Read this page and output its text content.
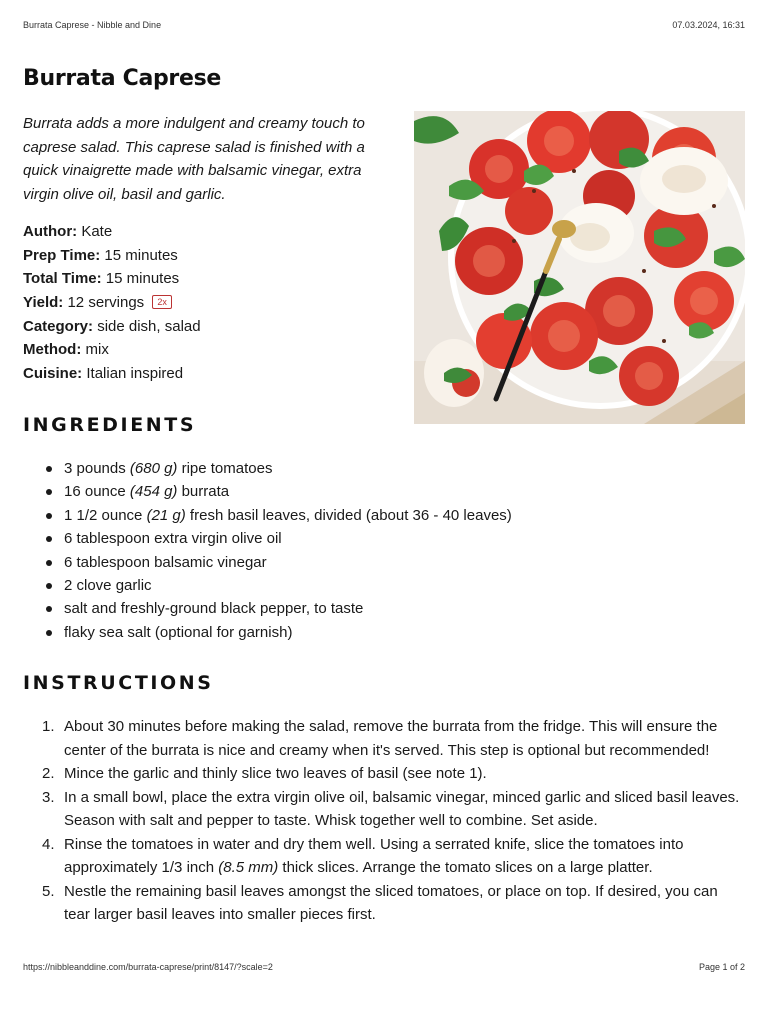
Burrata Caprese - Nibble and Dine	07.03.2024, 16:31
Burrata Caprese

Burrata adds a more indulgent and creamy touch to caprese salad. This caprese salad is finished with a quick vinaigrette made with balsamic vinegar, extra virgin olive oil, basil and garlic.

Author: Kate
Prep Time: 15 minutes
Total Time: 15 minutes
Yield: 12 servings 2x
Category: side dish, salad
Method: mix
Cuisine: Italian inspired
INGREDIENTS
3 pounds (680 g) ripe tomatoes
16 ounce (454 g) burrata
1 1/2 ounce (21 g) fresh basil leaves, divided (about 36 - 40 leaves)
6 tablespoon extra virgin olive oil
6 tablespoon balsamic vinegar
2 clove garlic
salt and freshly-ground black pepper, to taste
flaky sea salt (optional for garnish)
INSTRUCTIONS
1. About 30 minutes before making the salad, remove the burrata from the fridge. This will ensure the center of the burrata is nice and creamy when it's served. This step is optional but recommended!
2. Mince the garlic and thinly slice two leaves of basil (see note 1).
3. In a small bowl, place the extra virgin olive oil, balsamic vinegar, minced garlic and sliced basil leaves. Season with salt and pepper to taste. Whisk together well to combine. Set aside.
4. Rinse the tomatoes in water and dry them well. Using a serrated knife, slice the tomatoes into approximately 1/3 inch (8.5 mm) thick slices. Arrange the tomato slices on a large platter.
5. Nestle the remaining basil leaves amongst the sliced tomatoes, or place on top. If desired, you can tear larger basil leaves into smaller pieces first.
https://nibbleanddine.com/burrata-caprese/print/8147/?scale=2	Page 1 of 2
